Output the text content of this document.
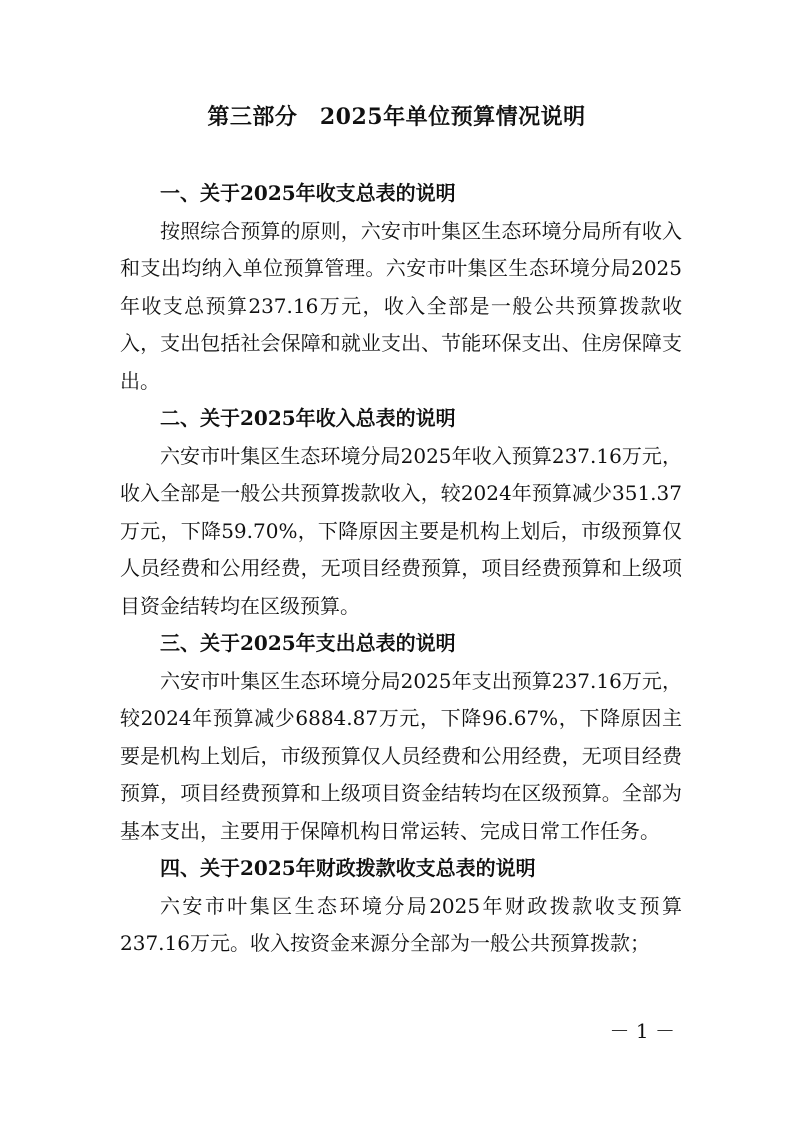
第三部分　2025年单位预算情况说明
一、关于2025年收支总表的说明

按照综合预算的原则，六安市叶集区生态环境分局所有收入和支出均纳入单位预算管理。六安市叶集区生态环境分局2025年收支总预算237.16万元，收入全部是一般公共预算拨款收入，支出包括社会保障和就业支出、节能环保支出、住房保障支出。

二、关于2025年收入总表的说明

六安市叶集区生态环境分局2025年收入预算237.16万元，收入全部是一般公共预算拨款收入，较2024年预算减少351.37万元，下降59.70%，下降原因主要是机构上划后，市级预算仅人员经费和公用经费，无项目经费预算，项目经费预算和上级项目资金结转均在区级预算。

三、关于2025年支出总表的说明

六安市叶集区生态环境分局2025年支出预算237.16万元，较2024年预算减少6884.87万元，下降96.67%，下降原因主要是机构上划后，市级预算仅人员经费和公用经费，无项目经费预算，项目经费预算和上级项目资金结转均在区级预算。全部为基本支出，主要用于保障机构日常运转、完成日常工作任务。

四、关于2025年财政拨款收支总表的说明

六安市叶集区生态环境分局2025年财政拨款收支预算237.16万元。收入按资金来源分全部为一般公共预算拨款；

－ 1 －
